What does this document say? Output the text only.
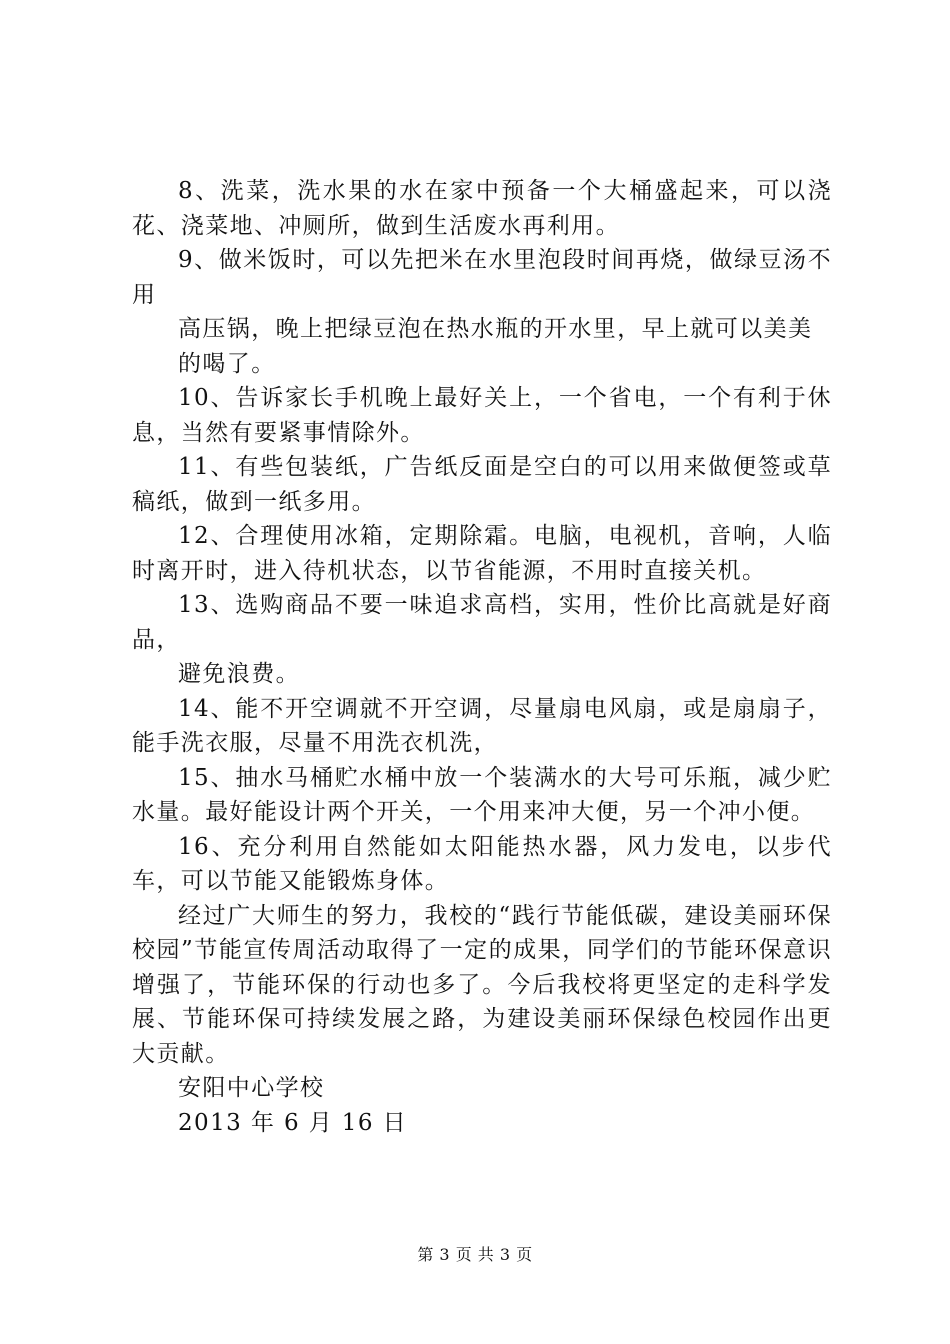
8、洗菜，洗水果的水在家中预备一个大桶盛起来，可以浇花、浇菜地、冲厕所，做到生活废水再利用。

9、做米饭时，可以先把米在水里泡段时间再烧，做绿豆汤不用

高压锅，晚上把绿豆泡在热水瓶的开水里，早上就可以美美的喝了。

10、告诉家长手机晚上最好关上，一个省电，一个有利于休息，当然有要紧事情除外。

11、有些包装纸，广告纸反面是空白的可以用来做便签或草稿纸，做到一纸多用。

12、合理使用冰箱，定期除霜。电脑，电视机，音响，人临时离开时，进入待机状态，以节省能源，不用时直接关机。

13、选购商品不要一味追求高档，实用，性价比高就是好商品，

避免浪费。

14、能不开空调就不开空调，尽量扇电风扇，或是扇扇子，能手洗衣服，尽量不用洗衣机洗，

15、抽水马桶贮水桶中放一个装满水的大号可乐瓶，减少贮水量。最好能设计两个开关，一个用来冲大便，另一个冲小便。

16、充分利用自然能如太阳能热水器，风力发电，以步代车，可以节能又能锻炼身体。

经过广大师生的努力，我校的“践行节能低碳，建设美丽环保校园”节能宣传周活动取得了一定的成果，同学们的节能环保意识增强了，节能环保的行动也多了。今后我校将更坚定的走科学发展、节能环保可持续发展之路，为建设美丽环保绿色校园作出更大贡献。

安阳中心学校

2013 年 6 月 16 日

第 3 页 共 3 页
